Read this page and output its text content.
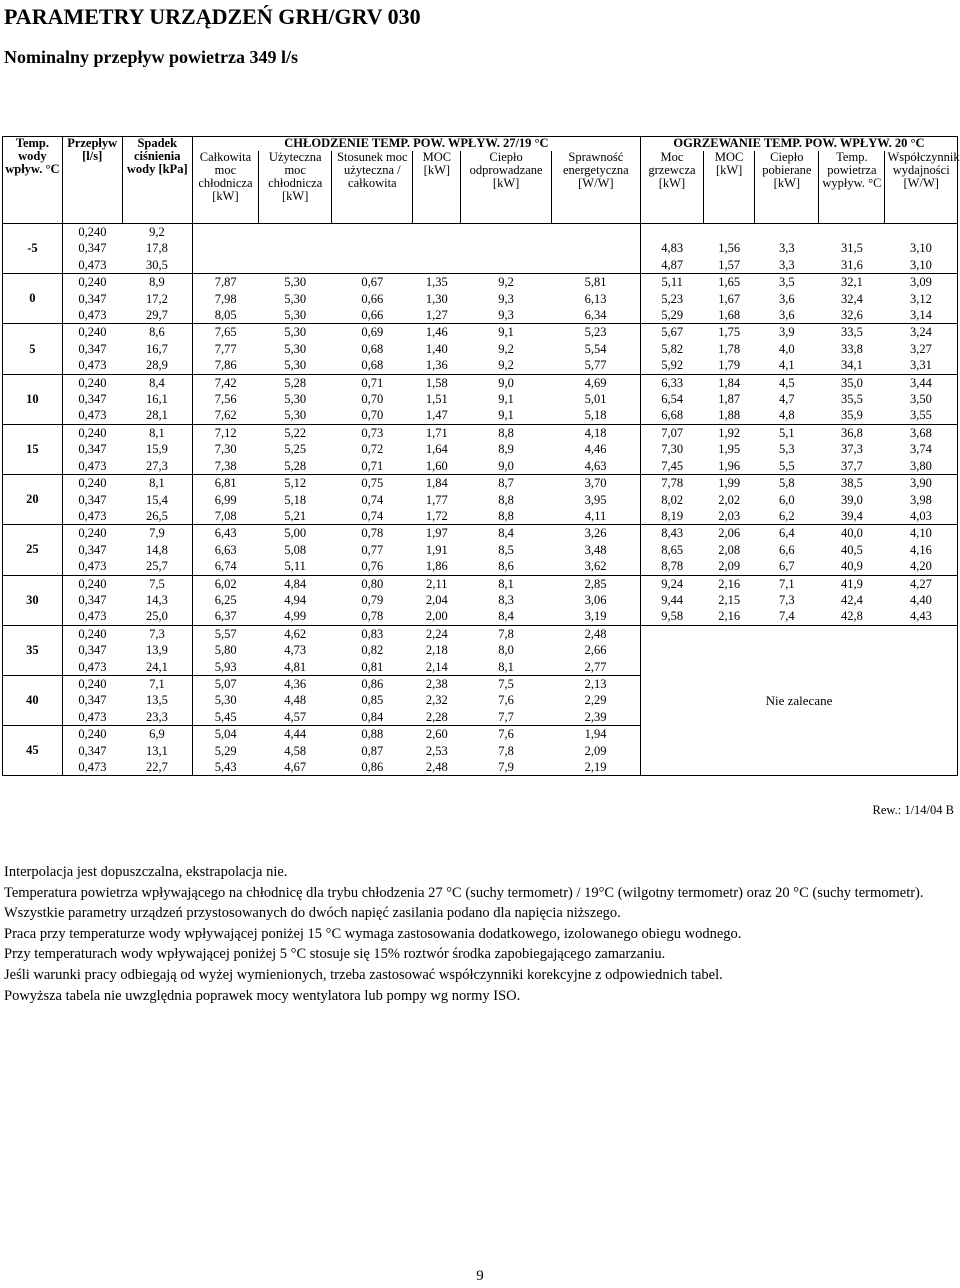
PARAMETRY URZĄDZEŃ GRH/GRV 030
Nominalny przepływ powietrza 349 l/s
Temp. wody wpływ. °C	Przepływ [l/s]	Spadek ciśnienia wody [kPa]	CHŁODZENIE TEMP. POW. WPŁYW. 27/19 °C						OGRZEWANIE TEMP. POW. WPŁYW. 20 °C				
			Całkowita moc chłodnicza [kW]	Użyteczna moc chłodnicza [kW]	Stosunek moc użyteczna / całkowita	MOC [kW]	Ciepło odprowadzane [kW]	Sprawność energetyczna [W/W]	Moc grzewcza [kW]	MOC [kW]	Ciepło pobierane [kW]	Temp. powietrza wypływ. °C	Współczynnik wydajności [W/W]
-5	0,240	9,2											
	0,347	17,8							4,83	1,56	3,3	31,5	3,10
	0,473	30,5							4,87	1,57	3,3	31,6	3,10
0	0,240	8,9	7,87	5,30	0,67	1,35	9,2	5,81	5,11	1,65	3,5	32,1	3,09
	0,347	17,2	7,98	5,30	0,66	1,30	9,3	6,13	5,23	1,67	3,6	32,4	3,12
	0,473	29,7	8,05	5,30	0,66	1,27	9,3	6,34	5,29	1,68	3,6	32,6	3,14
5	0,240	8,6	7,65	5,30	0,69	1,46	9,1	5,23	5,67	1,75	3,9	33,5	3,24
	0,347	16,7	7,77	5,30	0,68	1,40	9,2	5,54	5,82	1,78	4,0	33,8	3,27
	0,473	28,9	7,86	5,30	0,68	1,36	9,2	5,77	5,92	1,79	4,1	34,1	3,31
10	0,240	8,4	7,42	5,28	0,71	1,58	9,0	4,69	6,33	1,84	4,5	35,0	3,44
	0,347	16,1	7,56	5,30	0,70	1,51	9,1	5,01	6,54	1,87	4,7	35,5	3,50
	0,473	28,1	7,62	5,30	0,70	1,47	9,1	5,18	6,68	1,88	4,8	35,9	3,55
15	0,240	8,1	7,12	5,22	0,73	1,71	8,8	4,18	7,07	1,92	5,1	36,8	3,68
	0,347	15,9	7,30	5,25	0,72	1,64	8,9	4,46	7,30	1,95	5,3	37,3	3,74
	0,473	27,3	7,38	5,28	0,71	1,60	9,0	4,63	7,45	1,96	5,5	37,7	3,80
20	0,240	8,1	6,81	5,12	0,75	1,84	8,7	3,70	7,78	1,99	5,8	38,5	3,90
	0,347	15,4	6,99	5,18	0,74	1,77	8,8	3,95	8,02	2,02	6,0	39,0	3,98
	0,473	26,5	7,08	5,21	0,74	1,72	8,8	4,11	8,19	2,03	6,2	39,4	4,03
25	0,240	7,9	6,43	5,00	0,78	1,97	8,4	3,26	8,43	2,06	6,4	40,0	4,10
	0,347	14,8	6,63	5,08	0,77	1,91	8,5	3,48	8,65	2,08	6,6	40,5	4,16
	0,473	25,7	6,74	5,11	0,76	1,86	8,6	3,62	8,78	2,09	6,7	40,9	4,20
30	0,240	7,5	6,02	4,84	0,80	2,11	8,1	2,85	9,24	2,16	7,1	41,9	4,27
	0,347	14,3	6,25	4,94	0,79	2,04	8,3	3,06	9,44	2,15	7,3	42,4	4,40
	0,473	25,0	6,37	4,99	0,78	2,00	8,4	3,19	9,58	2,16	7,4	42,8	4,43
35	0,240	7,3	5,57	4,62	0,83	2,24	7,8	2,48	Nie zalecane				
	0,347	13,9	5,80	4,73	0,82	2,18	8,0	2,66					
	0,473	24,1	5,93	4,81	0,81	2,14	8,1	2,77					
40	0,240	7,1	5,07	4,36	0,86	2,38	7,5	2,13					
	0,347	13,5	5,30	4,48	0,85	2,32	7,6	2,29					
	0,473	23,3	5,45	4,57	0,84	2,28	7,7	2,39					
45	0,240	6,9	5,04	4,44	0,88	2,60	7,6	1,94					
	0,347	13,1	5,29	4,58	0,87	2,53	7,8	2,09					
	0,473	22,7	5,43	4,67	0,86	2,48	7,9	2,19					
Rew.: 1/14/04 B

Interpolacja jest dopuszczalna, ekstrapolacja nie.

Temperatura powietrza wpływającego na chłodnicę dla trybu chłodzenia 27 °C (suchy termometr) / 19°C (wilgotny termometr) oraz 20 °C (suchy termometr).

Wszystkie parametry urządzeń przystosowanych do dwóch napięć zasilania podano dla napięcia niższego.

Praca przy temperaturze wody wpływającej poniżej 15 °C wymaga zastosowania dodatkowego, izolowanego obiegu wodnego.

Przy temperaturach wody wpływającej poniżej 5 °C stosuje się 15% roztwór środka zapobiegającego zamarzaniu.

Jeśli warunki pracy odbiegają od wyżej wymienionych, trzeba zastosować współczynniki korekcyjne z odpowiednich tabel.

Powyższa tabela nie uwzględnia poprawek mocy wentylatora lub pompy wg normy ISO.

9
